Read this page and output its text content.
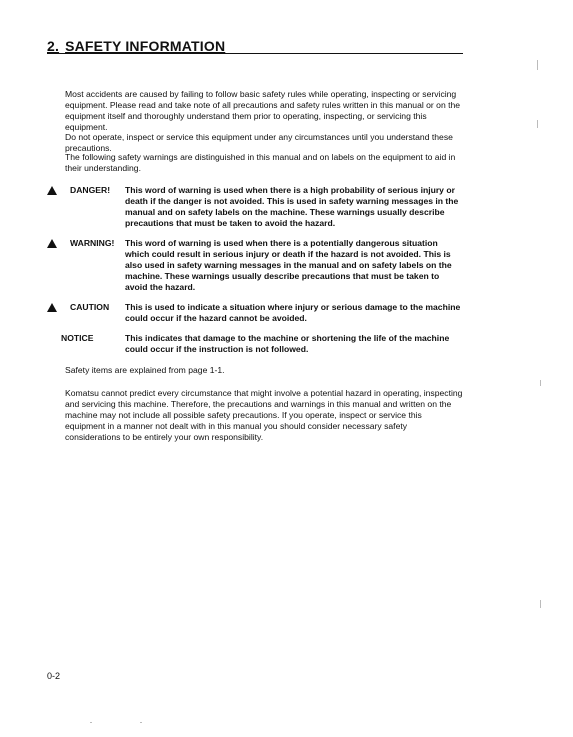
2. SAFETY INFORMATION
Most accidents are caused by failing to follow basic safety rules while operating, inspecting or servicing equipment. Please read and take note of all precautions and safety rules written in this manual or on the equipment itself and thoroughly understand them prior to operating, inspecting, or servicing this equipment.
Do not operate, inspect or service this equipment under any circumstances until you understand these precautions.
The following safety warnings are distinguished in this manual and on labels on the equipment to aid in their understanding.
DANGER! This word of warning is used when there is a high probability of serious injury or death if the danger is not avoided. This is used in safety warning messages in the manual and on safety labels on the machine. These warnings usually describe precautions that must be taken to avoid the hazard.
WARNING! This word of warning is used when there is a potentially dangerous situation which could result in serious injury or death if the hazard is not avoided. This is also used in safety warning messages in the manual and on safety labels on the machine. These warnings usually describe precautions that must be taken to avoid the hazard.
CAUTION This is used to indicate a situation where injury or serious damage to the machine could occur if the hazard cannot be avoided.
NOTICE	This indicates that damage to the machine or shortening the life of the machine could occur if the instruction is not followed.
Safety items are explained from page 1-1.
Komatsu cannot predict every circumstance that might involve a potential hazard in operating, inspecting and servicing this machine. Therefore, the precautions and warnings in this manual and written on the machine may not include all possible safety precautions. If you operate, inspect or service this equipment in a manner not dealt with in this manual you should consider necessary safety considerations to be entirely your own responsibility.
0-2
